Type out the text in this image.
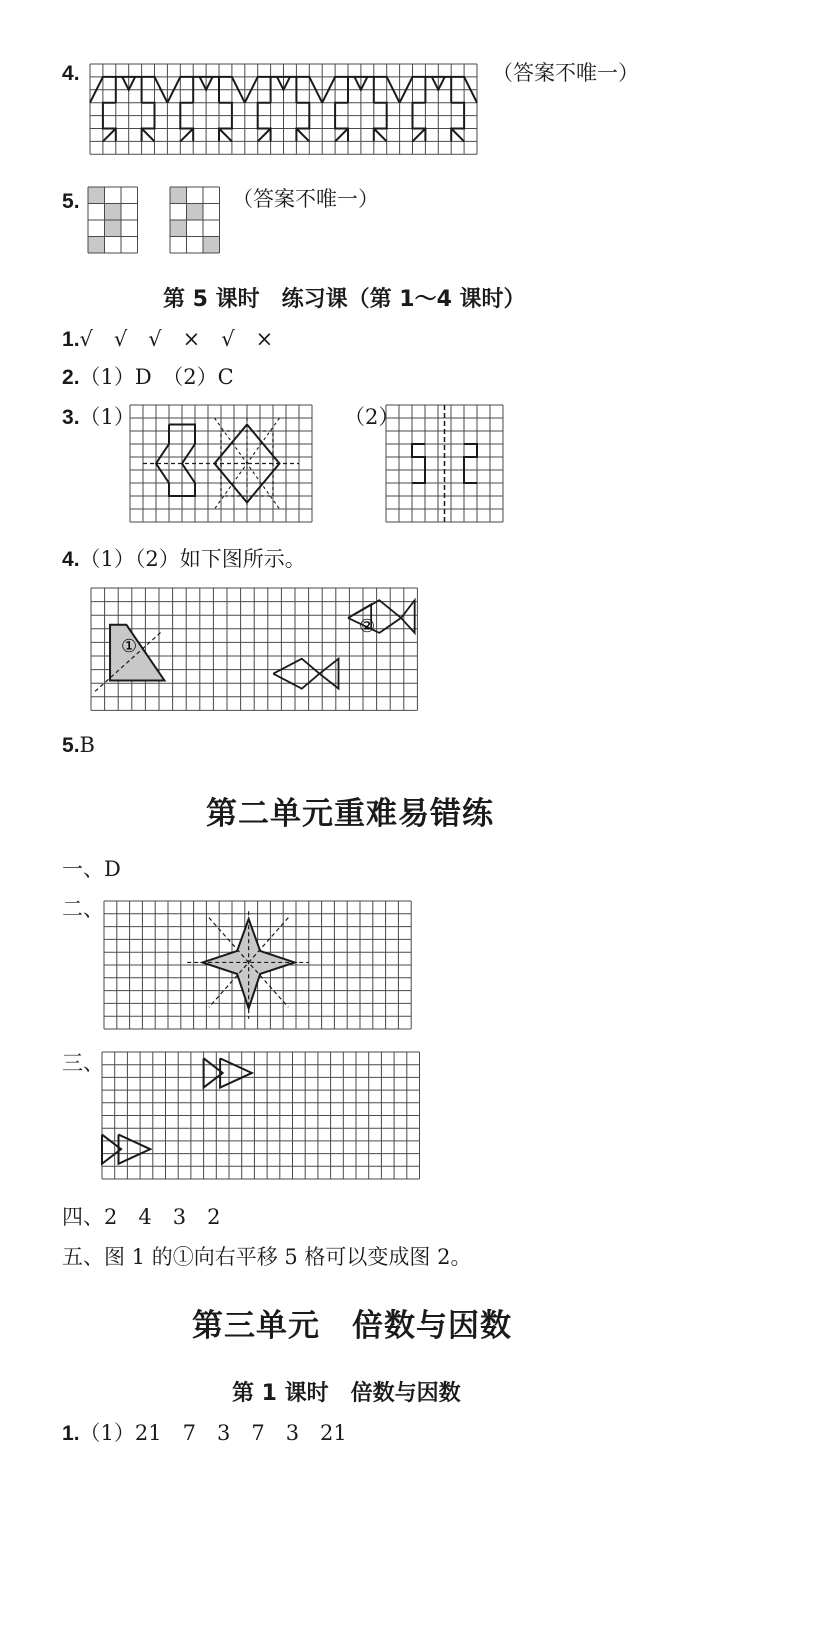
4.	（答案不唯一）
5.	（答案不唯一）
第 5 课时　练习课（第 1～4 课时）
1.√　√　√　×　√　×
2.（1）D　（2）C
3.（1）	（2）
4.（1）（2）如下图所示。
①
②
5.B
第二单元重难易错练
一、D
二、
三、
四、2　4　3　2
五、图 1 的①向右平移 5 格可以变成图 2。
第三单元　倍数与因数
第 1 课时　倍数与因数
1.（1）21　7　3　7　3　21
